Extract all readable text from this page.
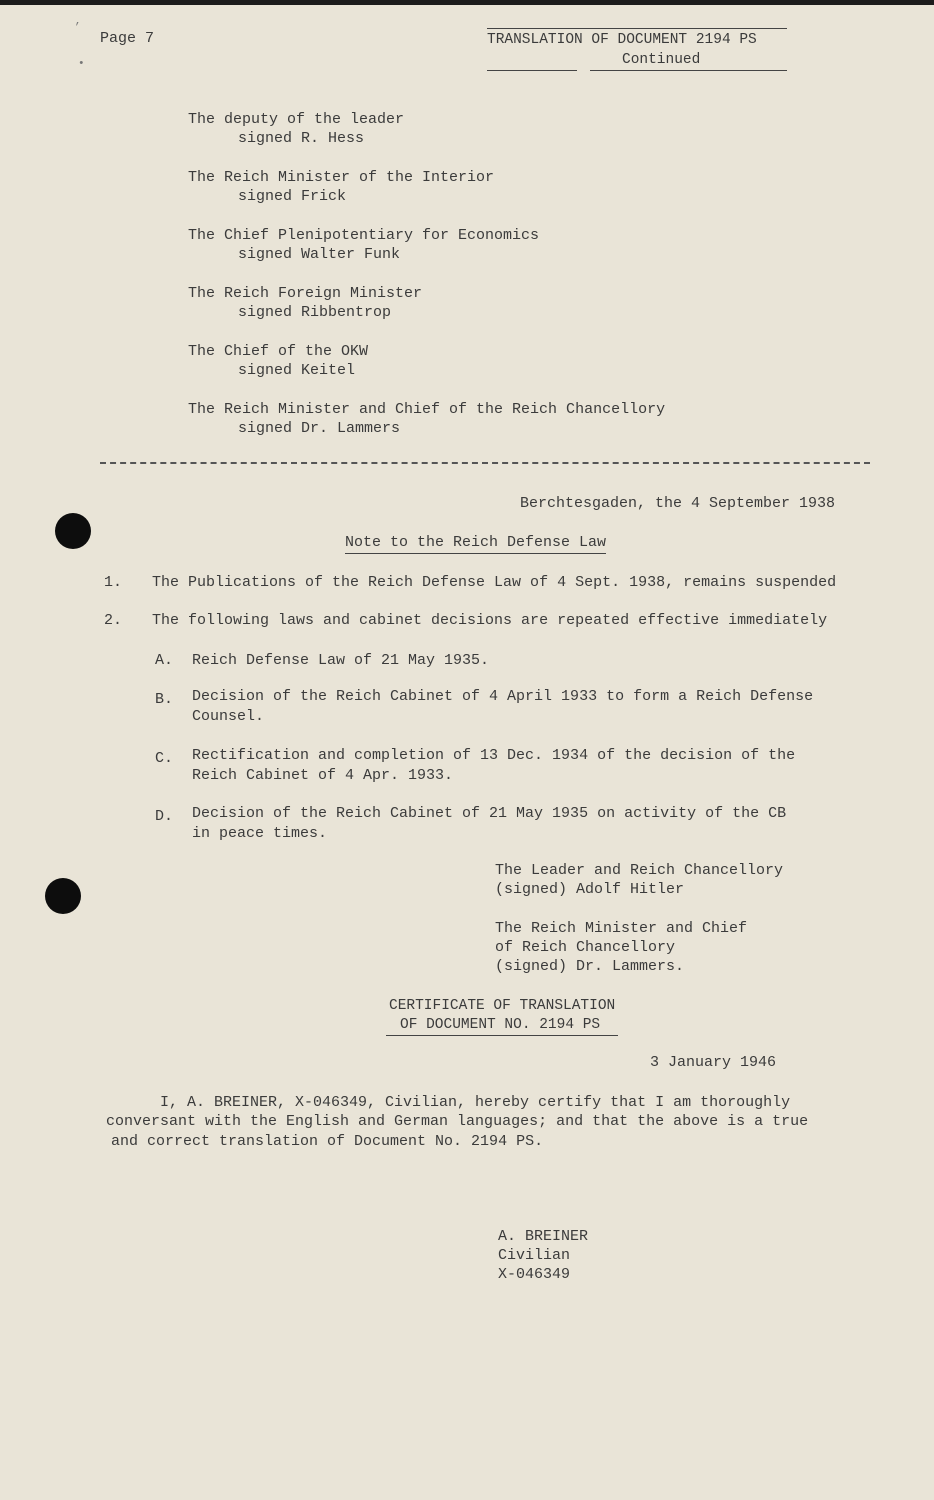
Page 7	TRANSLATION OF DOCUMENT 2194 PS
Continued
The deputy of the leader
signed R. Hess
The Reich Minister of the Interior
signed Frick
The Chief Plenipotentiary for Economics
signed Walter Funk
The Reich Foreign Minister
signed Ribbentrop
The Chief of the OKW
signed Keitel
The Reich Minister and Chief of the Reich Chancellory
signed Dr. Lammers
Berchtesgaden, the 4 September 1938
Note to the Reich Defense Law
1. The Publications of the Reich Defense Law of 4 Sept. 1938, remains suspended
2. The following laws and cabinet decisions are repeated effective immediately
A. Reich Defense Law of 21 May 1935.
B. Decision of the Reich Cabinet of 4 April 1933 to form a Reich Defense
Counsel.
C. Rectification and completion of 13 Dec. 1934 of the decision of the
Reich Cabinet of 4 Apr. 1933.
D. Decision of the Reich Cabinet of 21 May 1935 on activity of the CB
in peace times.
The Leader and Reich Chancellory
(signed) Adolf Hitler
The Reich Minister and Chief
of Reich Chancellory
(signed) Dr. Lammers.
CERTIFICATE OF TRANSLATION
OF DOCUMENT NO. 2194 PS
3 January 1946
I, A. BREINER, X-046349, Civilian, hereby certify that I am thoroughly
conversant with the English and German languages; and that the above is a true
and correct translation of Document No. 2194 PS.
A. BREINER
Civilian
X-046349
’
•
